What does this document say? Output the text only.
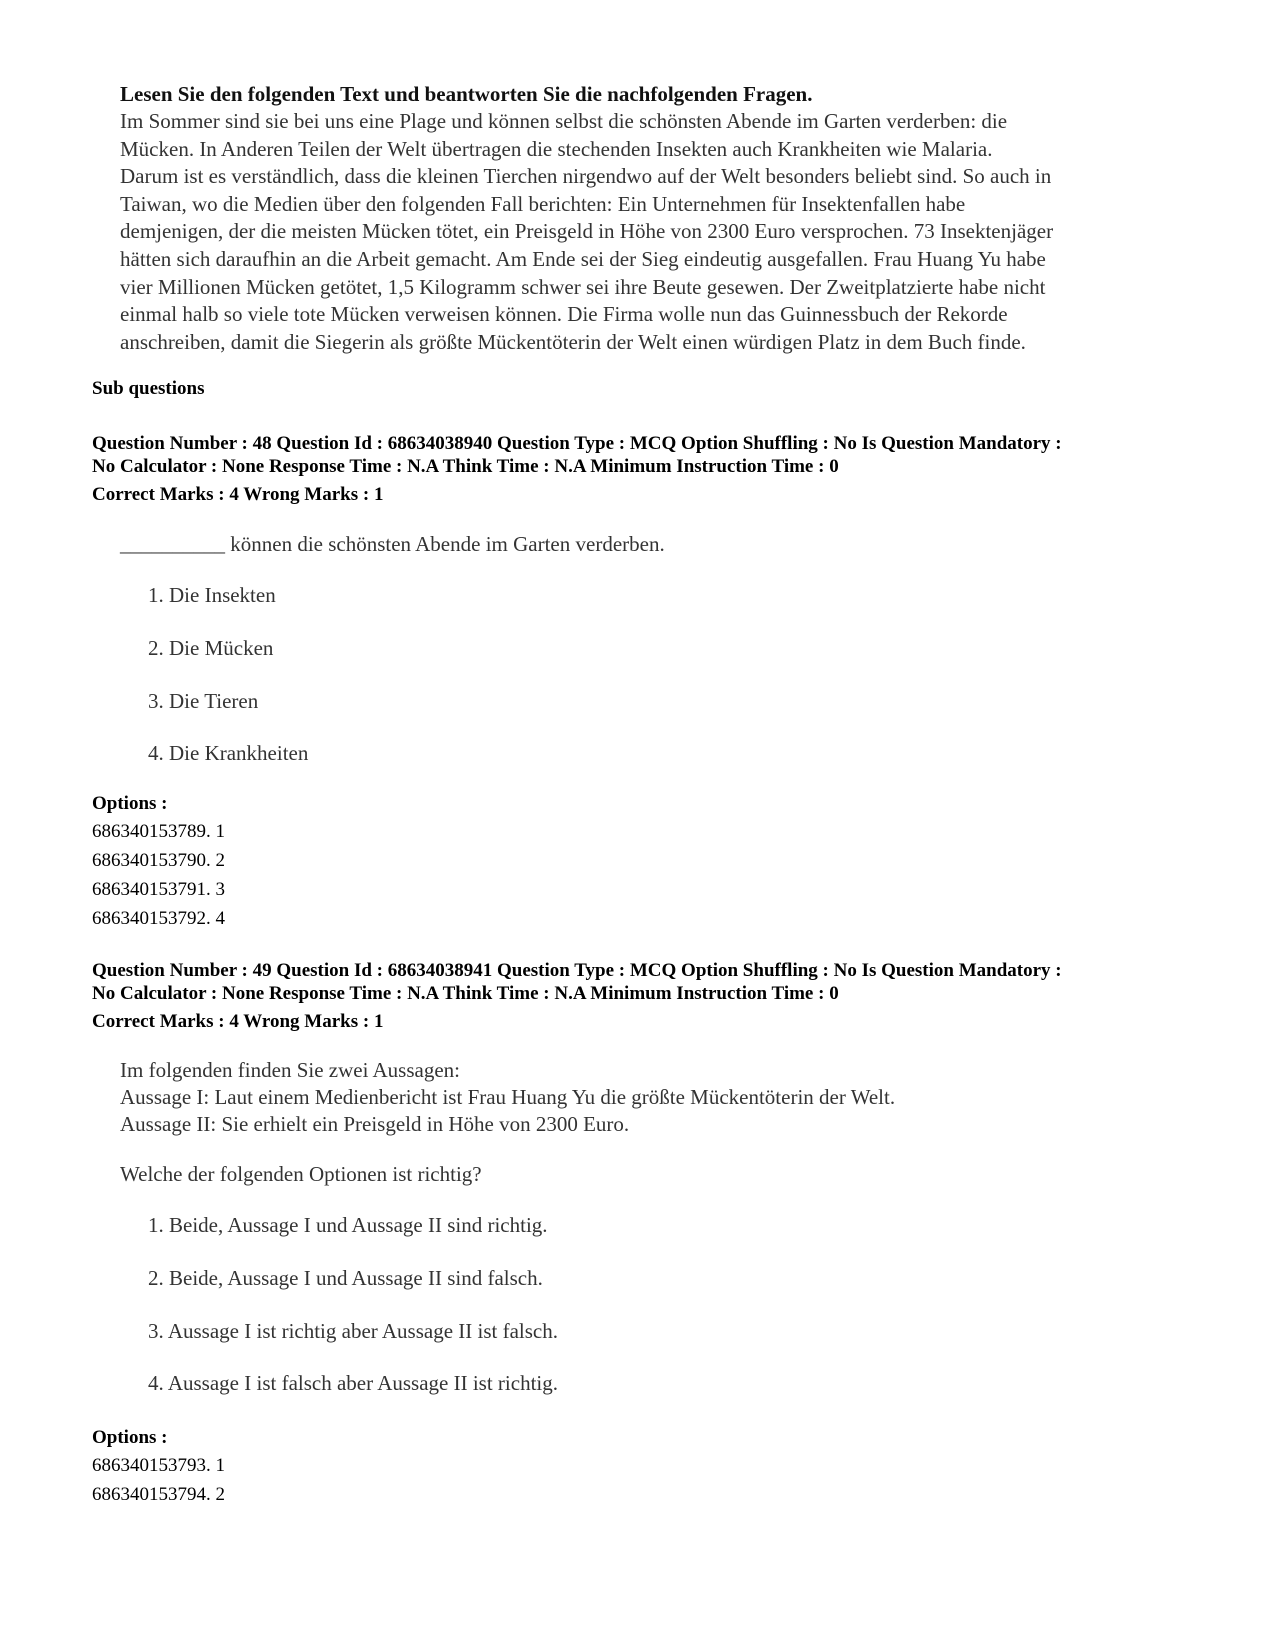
Lesen Sie den folgenden Text und beantworten Sie die nachfolgenden Fragen.
Im Sommer sind sie bei uns eine Plage und können selbst die schönsten Abende im Garten verderben: die
Mücken. In Anderen Teilen der Welt übertragen die stechenden Insekten auch Krankheiten wie Malaria.
Darum ist es verständlich, dass die kleinen Tierchen nirgendwo auf der Welt besonders beliebt sind. So auch in
Taiwan, wo die Medien über den folgenden Fall berichten: Ein Unternehmen für Insektenfallen habe
demjenigen, der die meisten Mücken tötet, ein Preisgeld in Höhe von 2300 Euro versprochen. 73 Insektenjäger
hätten sich daraufhin an die Arbeit gemacht. Am Ende sei der Sieg eindeutig ausgefallen. Frau Huang Yu habe
vier Millionen Mücken getötet, 1,5 Kilogramm schwer sei ihre Beute gesewen. Der Zweitplatzierte habe nicht
einmal halb so viele tote Mücken verweisen können. Die Firma wolle nun das Guinnessbuch der Rekorde
anschreiben, damit die Siegerin als größte Mückentöterin der Welt einen würdigen Platz in dem Buch finde.
Sub questions
Question Number : 48 Question Id : 68634038940 Question Type : MCQ Option Shuffling : No Is Question Mandatory :
No Calculator : None Response Time : N.A Think Time : N.A Minimum Instruction Time : 0
Correct Marks : 4 Wrong Marks : 1
__________ können die schönsten Abende im Garten verderben.
1. Die Insekten
2. Die Mücken
3. Die Tieren
4. Die Krankheiten
Options :
686340153789. 1
686340153790. 2
686340153791. 3
686340153792. 4
Question Number : 49 Question Id : 68634038941 Question Type : MCQ Option Shuffling : No Is Question Mandatory :
No Calculator : None Response Time : N.A Think Time : N.A Minimum Instruction Time : 0
Correct Marks : 4 Wrong Marks : 1
Im folgenden finden Sie zwei Aussagen:
Aussage I: Laut einem Medienbericht ist Frau Huang Yu die größte Mückentöterin der Welt.
Aussage II: Sie erhielt ein Preisgeld in Höhe von 2300 Euro.
Welche der folgenden Optionen ist richtig?
1. Beide, Aussage I und Aussage II sind richtig.
2. Beide, Aussage I und Aussage II sind falsch.
3. Aussage I ist richtig aber Aussage II ist falsch.
4. Aussage I ist falsch aber Aussage II ist richtig.
Options :
686340153793. 1
686340153794. 2
